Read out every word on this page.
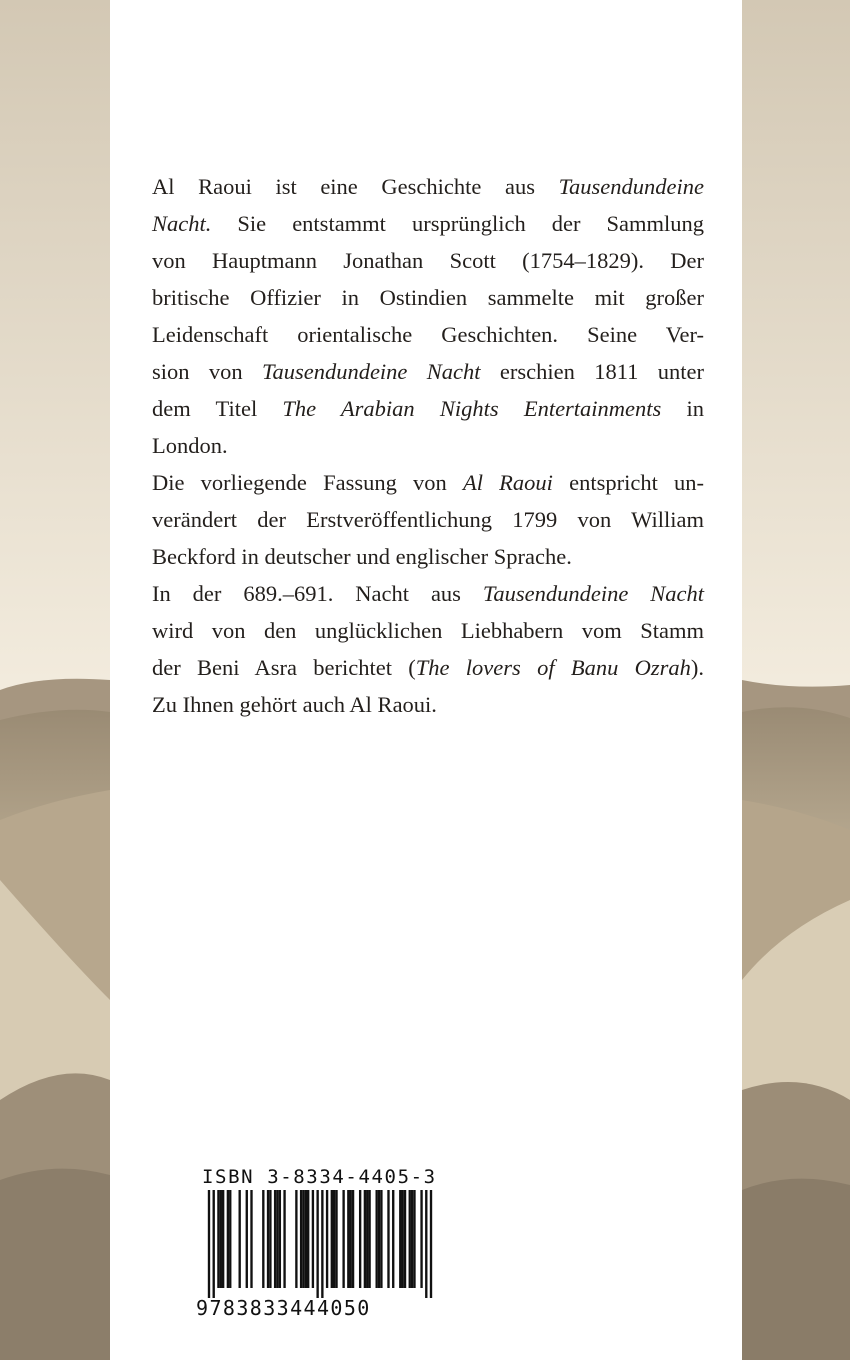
Al Raoui ist eine Geschichte aus Tausendundeine
Nacht. Sie entstammt ursprünglich der Sammlung
von Hauptmann Jonathan Scott (1754–1829). Der
britische Offizier in Ostindien sammelte mit großer
Leidenschaft orientalische Geschichten. Seine Ver-
sion von Tausendundeine Nacht erschien 1811 unter
dem Titel The Arabian Nights Entertainments in
London.

Die vorliegende Fassung von Al Raoui entspricht un-
verändert der Erstveröffentlichung 1799 von William
Beckford in deutscher und englischer Sprache.

In der 689.–691. Nacht aus Tausendundeine Nacht
wird von den unglücklichen Liebhabern vom Stamm
der Beni Asra berichtet (The lovers of Banu Ozrah).
Zu Ihnen gehört auch Al Raoui.

ISBN 3-8334-4405-3
9783833444050
